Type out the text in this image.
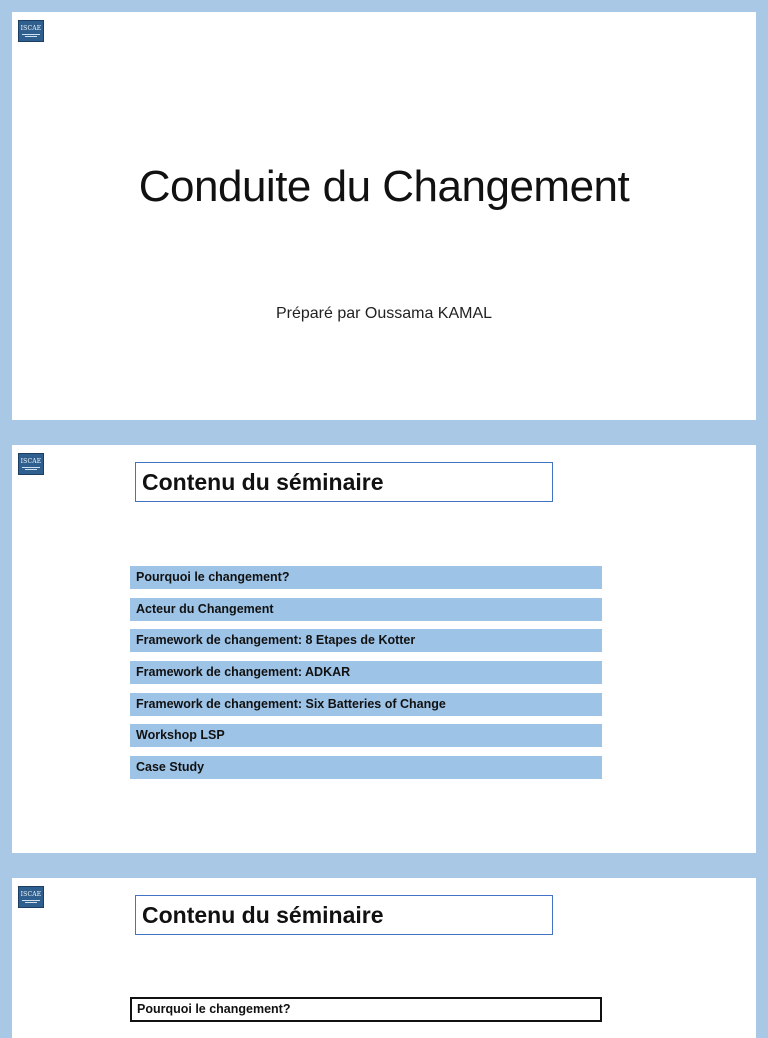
ISCAE
Conduite du Changement
Préparé par Oussama KAMAL
ISCAE
Contenu du séminaire
Pourquoi le changement?
Acteur du Changement
Framework de changement: 8 Etapes de Kotter
Framework de changement: ADKAR
Framework de changement: Six Batteries of Change
Workshop LSP
Case Study
ISCAE
Contenu du séminaire
Pourquoi le changement?
